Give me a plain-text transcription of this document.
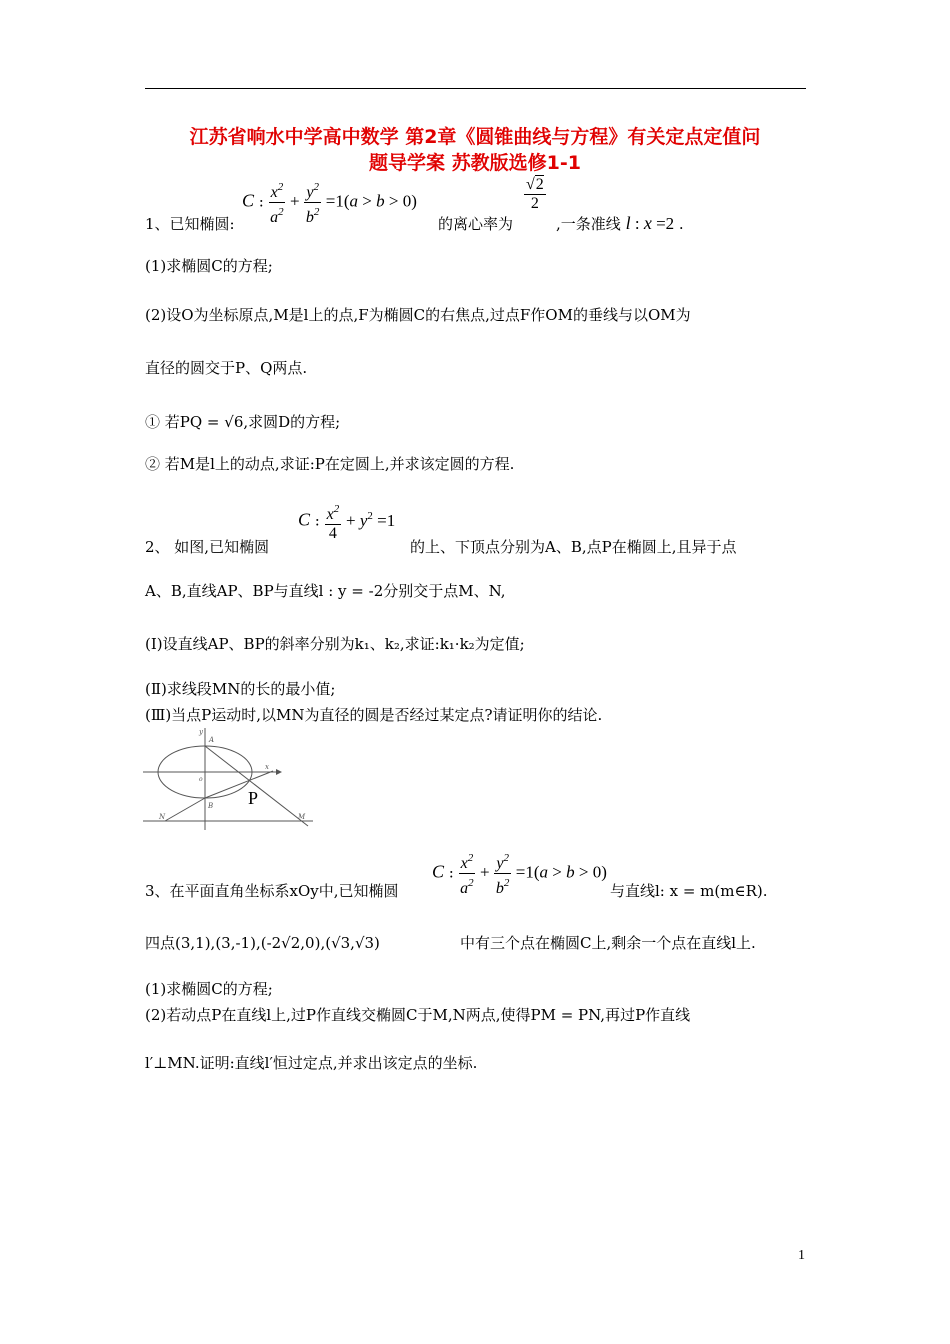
江苏省响水中学高中数学 第2章《圆锥曲线与方程》有关定点定值问
题导学案 苏教版选修1-1
1、已知椭圆:
C : $\frac{x^2}{a^2} + \frac{y^2}{b^2} =1(a > b > 0)$
的离心率为
$\frac{√2}{2}$
,一条准线 l : x =2 .
(1)求椭圆C的方程;
(2)设O为坐标原点,M是l上的点,F为椭圆C的右焦点,过点F作OM的垂线与以OM为
直径的圆交于P、Q两点.
① 若PQ = √6,求圆D的方程;
② 若M是l上的动点,求证:P在定圆上,并求该定圆的方程.
2、 如图,已知椭圆
C : $\frac{x^2}{4} + y^2 =1$
的上、下顶点分别为A、B,点P在椭圆上,且异于点
A、B,直线AP、BP与直线l : y = -2分别交于点M、N,
(Ⅰ)设直线AP、BP的斜率分别为k₁、k₂,求证:k₁·k₂为定值;
(Ⅱ)求线段MN的长的最小值;
(Ⅲ)当点P运动时,以MN为直径的圆是否经过某定点?请证明你的结论.
y
A
x
o
B P
N	M
3、在平面直角坐标系xOy中,已知椭圆
C : $\frac{x^2}{a^2} + \frac{y^2}{b^2} =1(a > b > 0)$
与直线l: x = m(m∈R).
四点(3,1),(3,-1),(-2√2,0),(√3,√3)	中有三个点在椭圆C上,剩余一个点在直线l上.
(1)求椭圆C的方程;
(2)若动点P在直线l上,过P作直线交椭圆C于M,N两点,使得PM = PN,再过P作直线
l′⊥MN.证明:直线l′恒过定点,并求出该定点的坐标.
1
